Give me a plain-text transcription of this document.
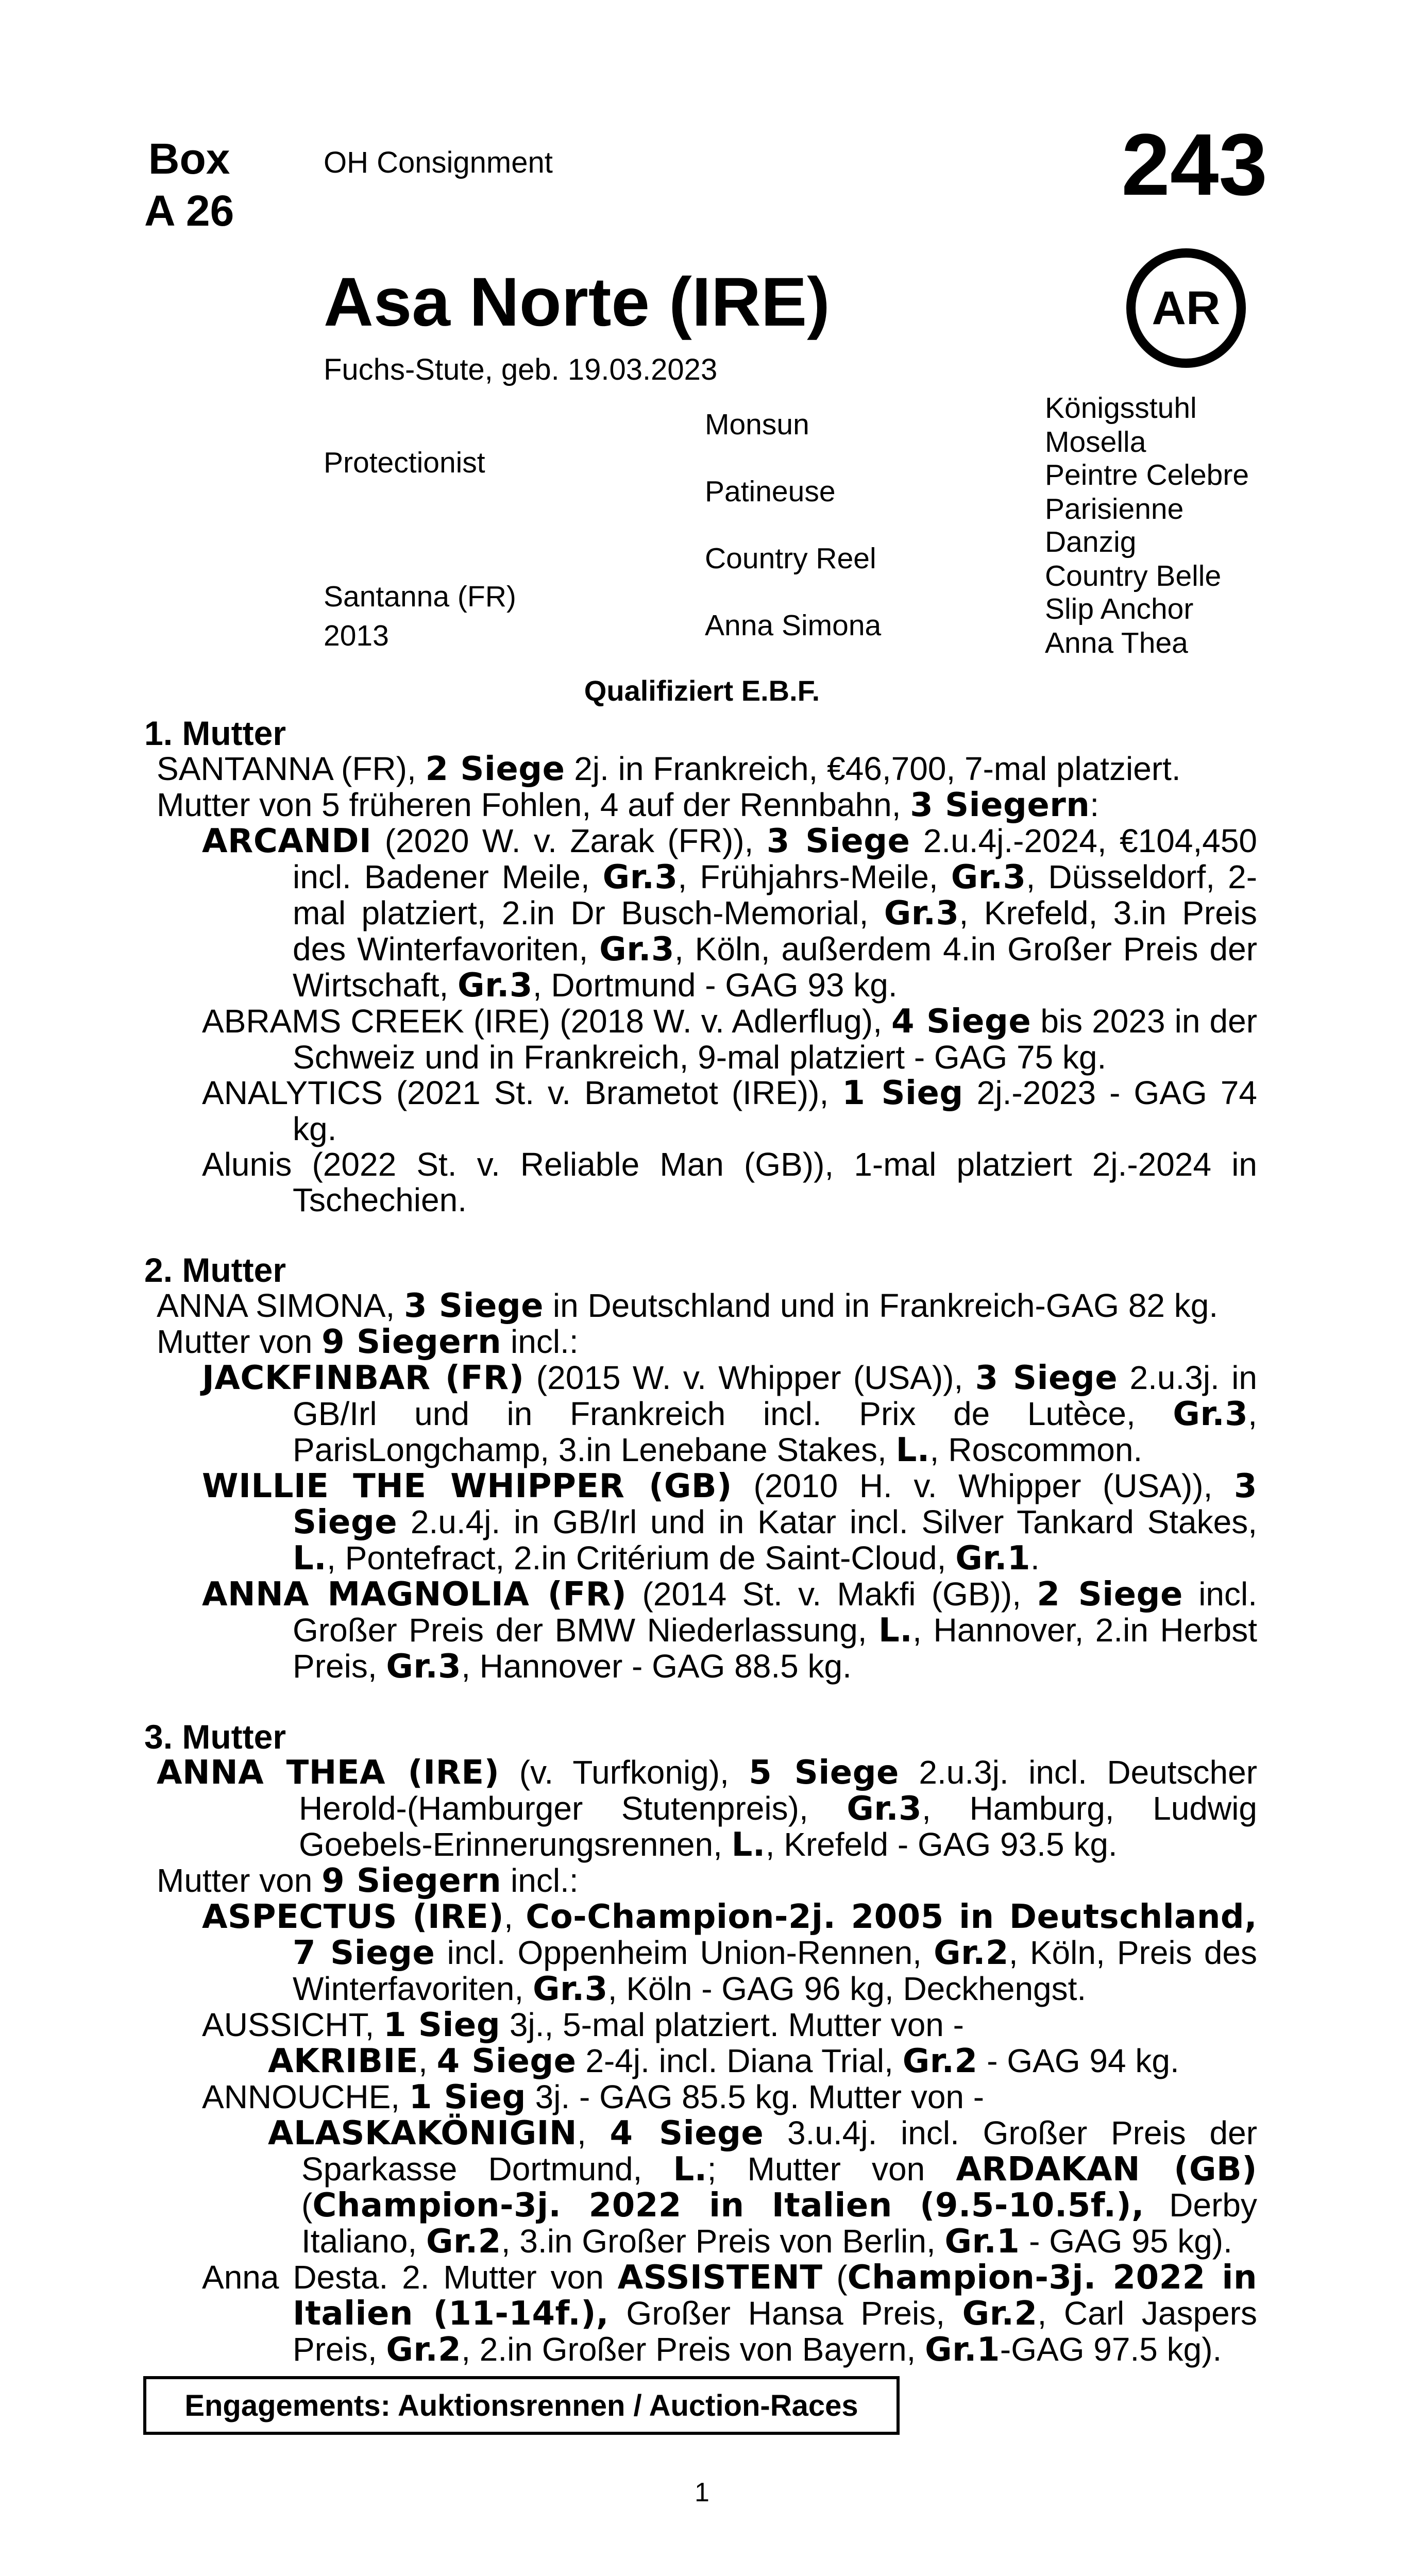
Box
A 26
OH Consignment	243
AR
Asa Norte (IRE)
Fuchs-Stute, geb. 19.03.2023
Protectionist
Santanna (FR)
2013
Monsun
Patineuse
Country Reel
Anna Simona
Königsstuhl
Mosella
Peintre Celebre
Parisienne
Danzig
Country Belle
Slip Anchor
Anna Thea
Qualifiziert E.B.F.
1. Mutter
SANTANNA (FR), 2 Siege 2j. in Frankreich, €46,700, 7-mal platziert.
Mutter von 5 früheren Fohlen, 4 auf der Rennbahn, 3 Siegern:
ARCANDI (2020 W. v. Zarak (FR)), 3 Siege 2.u.4j.-2024, €104,450 incl. Badener Meile, Gr.3, Frühjahrs-Meile, Gr.3, Düsseldorf, 2-mal platziert, 2.in Dr Busch-Memorial, Gr.3, Krefeld, 3.in Preis des Winterfavoriten, Gr.3, Köln, außerdem 4.in Großer Preis der Wirtschaft, Gr.3, Dortmund - GAG 93 kg.
ABRAMS CREEK (IRE) (2018 W. v. Adlerflug), 4 Siege bis 2023 in der Schweiz und in Frankreich, 9-mal platziert - GAG 75 kg.
ANALYTICS (2021 St. v. Brametot (IRE)), 1 Sieg 2j.-2023 - GAG 74 kg.
Alunis (2022 St. v. Reliable Man (GB)), 1-mal platziert 2j.-2024 in Tschechien.
2. Mutter
ANNA SIMONA, 3 Siege in Deutschland und in Frankreich-GAG 82 kg.
Mutter von 9 Siegern incl.:
JACKFINBAR (FR) (2015 W. v. Whipper (USA)), 3 Siege 2.u.3j. in GB/Irl und in Frankreich incl. Prix de Lutèce, Gr.3, ParisLongchamp, 3.in Lenebane Stakes, L., Roscommon.
WILLIE THE WHIPPER (GB) (2010 H. v. Whipper (USA)), 3 Siege 2.u.4j. in GB/Irl und in Katar incl. Silver Tankard Stakes, L., Pontefract, 2.in Critérium de Saint-Cloud, Gr.1.
ANNA MAGNOLIA (FR) (2014 St. v. Makfi (GB)), 2 Siege incl. Großer Preis der BMW Niederlassung, L., Hannover, 2.in Herbst Preis, Gr.3, Hannover - GAG 88.5 kg.
3. Mutter
ANNA THEA (IRE) (v. Turfkonig), 5 Siege 2.u.3j. incl. Deutscher Herold-(Hamburger Stutenpreis), Gr.3, Hamburg, Ludwig Goebels-Erinnerungsrennen, L., Krefeld - GAG 93.5 kg.
Mutter von 9 Siegern incl.:
ASPECTUS (IRE), Co-Champion-2j. 2005 in Deutschland, 7 Siege incl. Oppenheim Union-Rennen, Gr.2, Köln, Preis des Winterfavoriten, Gr.3, Köln - GAG 96 kg, Deckhengst.
AUSSICHT, 1 Sieg 3j., 5-mal platziert. Mutter von -
AKRIBIE, 4 Siege 2-4j. incl. Diana Trial, Gr.2 - GAG 94 kg.
ANNOUCHE, 1 Sieg 3j. - GAG 85.5 kg. Mutter von -
ALASKAKÖNIGIN, 4 Siege 3.u.4j. incl. Großer Preis der Sparkasse Dortmund, L.; Mutter von ARDAKAN (GB) (Champion-3j. 2022 in Italien (9.5-10.5f.), Derby Italiano, Gr.2, 3.in Großer Preis von Berlin, Gr.1 - GAG 95 kg).
Anna Desta. 2. Mutter von ASSISTENT (Champion-3j. 2022 in Italien (11-14f.), Großer Hansa Preis, Gr.2, Carl Jaspers Preis, Gr.2, 2.in Großer Preis von Bayern, Gr.1-GAG 97.5 kg).
Engagements: Auktionsrennen / Auction-Races
1
